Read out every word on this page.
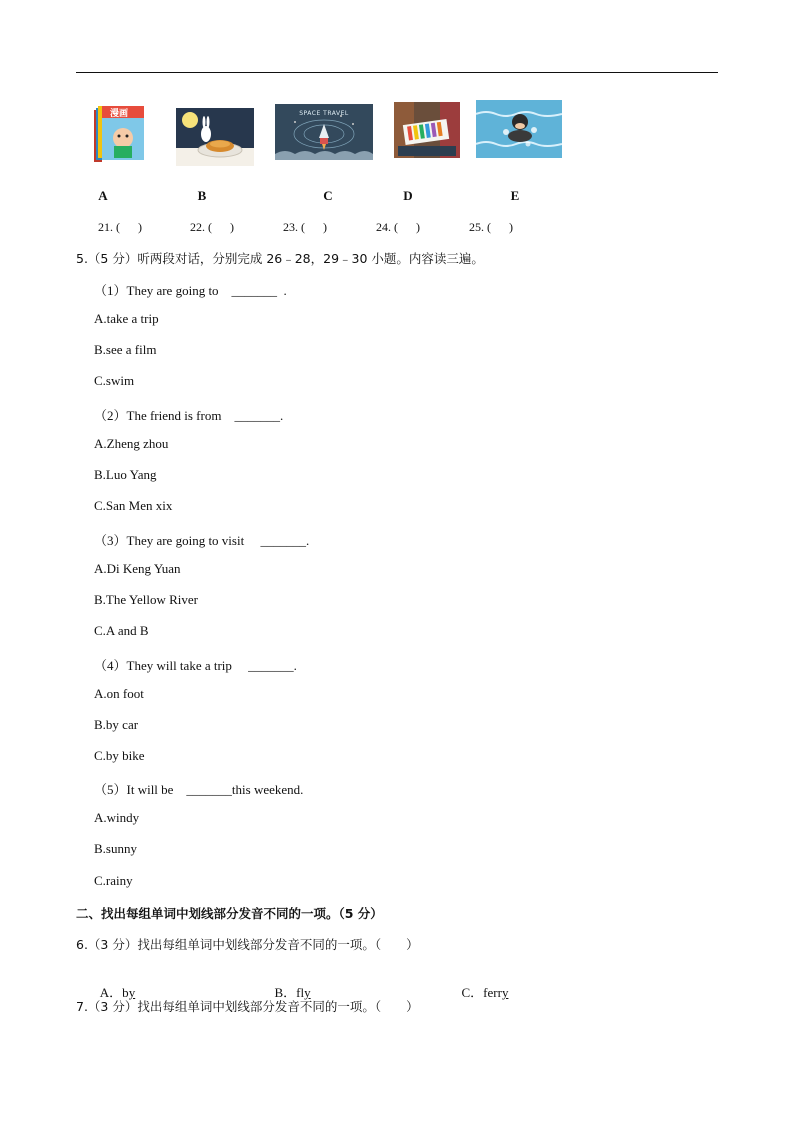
漫画	SPACE TRAVEL
A	B	C	D	E
21. (      )	22. (      )	23. (      )	24. (      )	25. (      )
5.（5 分）听两段对话，分别完成 26﹣28，29﹣30 小题。内容读三遍。
（1）They are going to    _______  .
A.take a trip
B.see a film
C.swim
（2）The friend is from    _______.
A.Zheng zhou
B.Luo Yang
C.San Men xix
（3）They are going to visit     _______.
A.Di Keng Yuan
B.The Yellow River
C.A and B
（4）They will take a trip     _______.
A.on foot
B.by car
C.by bike
（5）It will be    _______this weekend.
A.windy
B.sunny
C.rainy
二、找出每组单词中划线部分发音不同的一项。（5 分）
6.（3 分）找出每组单词中划线部分发音不同的一项。（　　）

A．by	B．fly	C．ferry

7.（3 分）找出每组单词中划线部分发音不同的一项。（　　）
